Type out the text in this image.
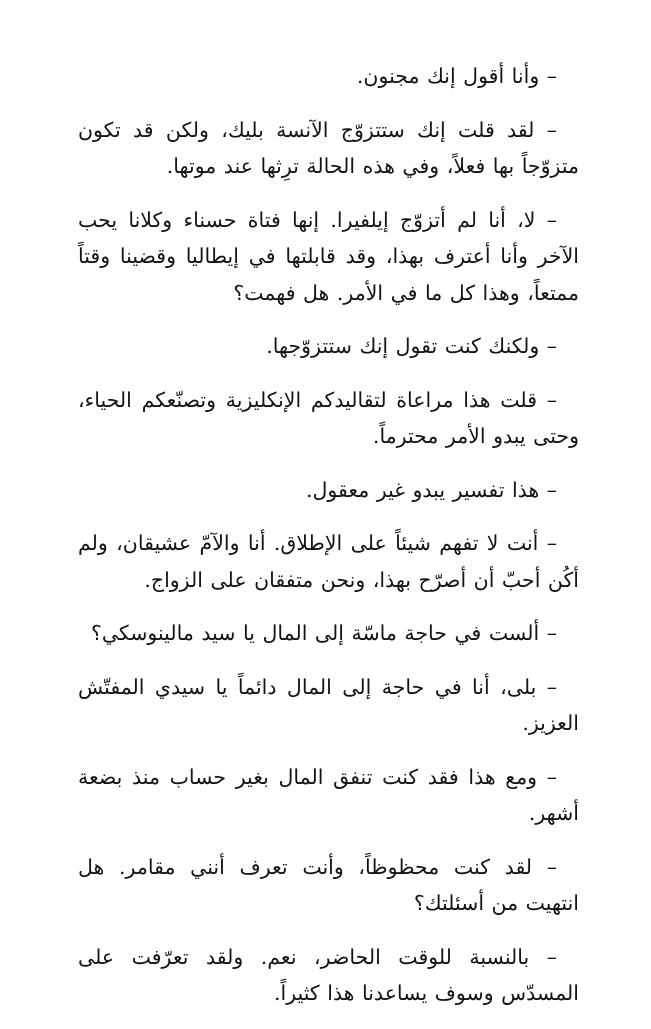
– وأنا أقول إنك مجنون.

– لقد قلت إنك ستتزوّج الآنسة بليك، ولكن قد تكون متزوّجاً بها فعلاً، وفي هذه الحالة ترِثها عند موتها.

– لا، أنا لم أتزوّج إيلفيرا. إنها فتاة حسناء وكلانا يحب الآخر وأنا أعترف بهذا، وقد قابلتها في إيطاليا وقضينا وقتاً ممتعاً، وهذا كل ما في الأمر. هل فهمت؟

– ولكنك كنت تقول إنك ستتزوّجها.

– قلت هذا مراعاة لتقاليدكم الإنكليزية وتصنّعكم الحياء، وحتى يبدو الأمر محترماً.

– هذا تفسير يبدو غير معقول.

– أنت لا تفهم شيئاً على الإطلاق. أنا والآمّ عشيقان، ولم أكُن أحبّ أن أصرّح بهذا، ونحن متفقان على الزواج.

– ألست في حاجة ماسّة إلى المال يا سيد مالينوسكي؟

– بلى، أنا في حاجة إلى المال دائماً يا سيدي المفتّش العزيز.

– ومع هذا فقد كنت تنفق المال بغير حساب منذ بضعة أشهر.

– لقد كنت محظوظاً، وأنت تعرف أنني مقامر. هل انتهيت من أسئلتك؟

– بالنسبة للوقت الحاضر، نعم. ولقد تعرّفت على المسدّس وسوف يساعدنا هذا كثيراً.
